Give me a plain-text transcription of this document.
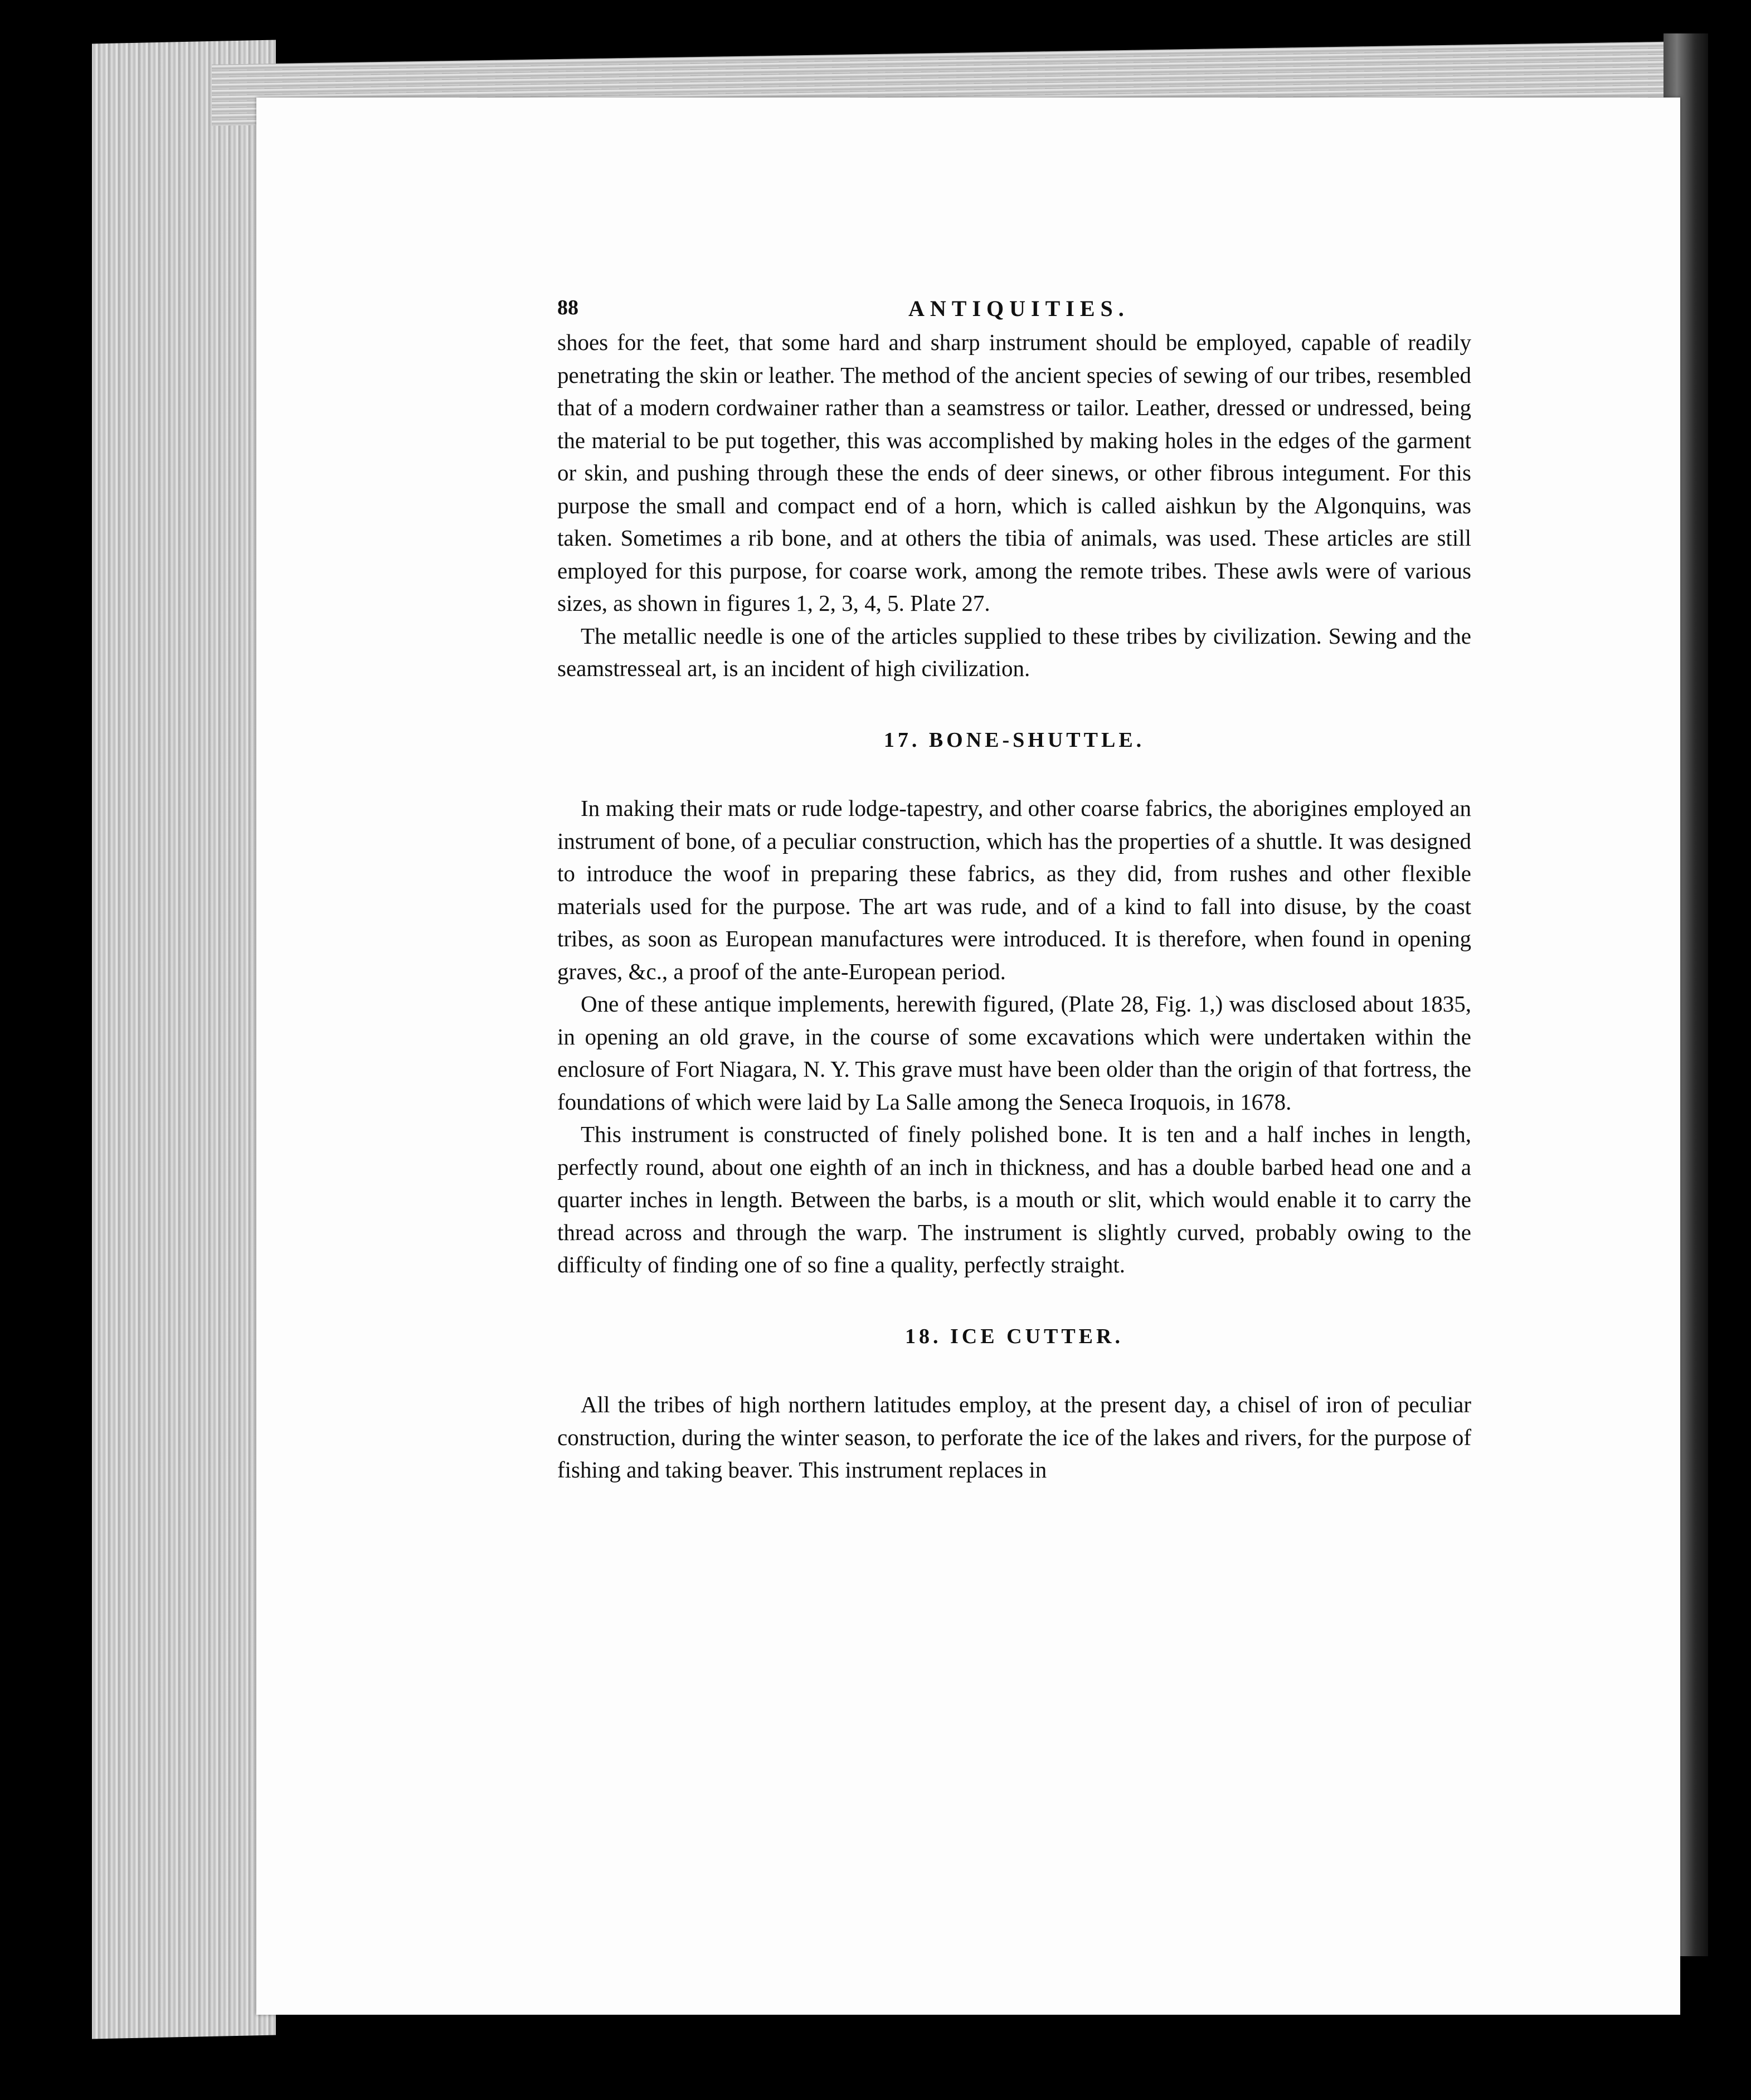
88	ANTIQUITIES.

shoes for the feet, that some hard and sharp instrument should be employed, capable of readily penetrating the skin or leather. The method of the ancient species of sewing of our tribes, resembled that of a modern cordwainer rather than a seamstress or tailor. Leather, dressed or undressed, being the material to be put together, this was accomplished by making holes in the edges of the garment or skin, and pushing through these the ends of deer sinews, or other fibrous integument. For this purpose the small and compact end of a horn, which is called aishkun by the Algonquins, was taken. Sometimes a rib bone, and at others the tibia of animals, was used. These articles are still employed for this purpose, for coarse work, among the remote tribes. These awls were of various sizes, as shown in figures 1, 2, 3, 4, 5. Plate 27.

The metallic needle is one of the articles supplied to these tribes by civilization. Sewing and the seamstresseal art, is an incident of high civilization.

17. BONE-SHUTTLE.

In making their mats or rude lodge-tapestry, and other coarse fabrics, the aborigines employed an instrument of bone, of a peculiar construction, which has the properties of a shuttle. It was designed to introduce the woof in preparing these fabrics, as they did, from rushes and other flexible materials used for the purpose. The art was rude, and of a kind to fall into disuse, by the coast tribes, as soon as European manufactures were introduced. It is therefore, when found in opening graves, &c., a proof of the ante-European period.

One of these antique implements, herewith figured, (Plate 28, Fig. 1,) was disclosed about 1835, in opening an old grave, in the course of some excavations which were undertaken within the enclosure of Fort Niagara, N. Y. This grave must have been older than the origin of that fortress, the foundations of which were laid by La Salle among the Seneca Iroquois, in 1678.

This instrument is constructed of finely polished bone. It is ten and a half inches in length, perfectly round, about one eighth of an inch in thickness, and has a double barbed head one and a quarter inches in length. Between the barbs, is a mouth or slit, which would enable it to carry the thread across and through the warp. The instrument is slightly curved, probably owing to the difficulty of finding one of so fine a quality, perfectly straight.

18. ICE CUTTER.

All the tribes of high northern latitudes employ, at the present day, a chisel of iron of peculiar construction, during the winter season, to perforate the ice of the lakes and rivers, for the purpose of fishing and taking beaver. This instrument replaces in
